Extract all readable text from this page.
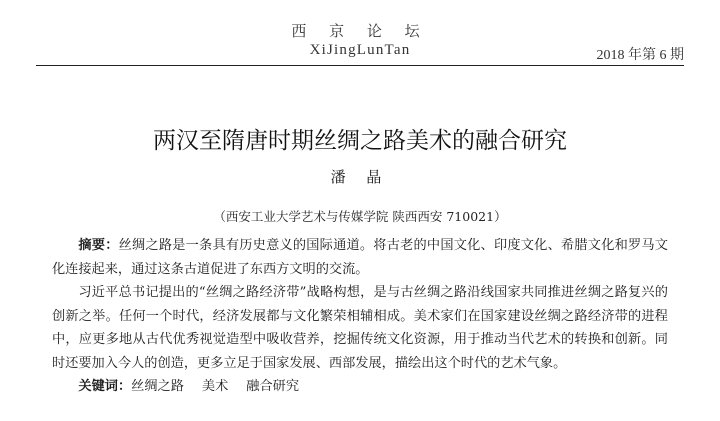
西 京 论 坛
XiJingLunTan	2018 年第 6 期
两汉至隋唐时期丝绸之路美术的融合研究
潘 晶
（西安工业大学艺术与传媒学院 陕西西安 710021）

摘要：丝绸之路是一条具有历史意义的国际通道。将古老的中国文化、印度文化、希腊文化和罗马文化连接起来，通过这条古道促进了东西方文明的交流。

习近平总书记提出的“丝绸之路经济带”战略构想，是与古丝绸之路沿线国家共同推进丝绸之路复兴的创新之举。任何一个时代，经济发展都与文化繁荣相辅相成。美术家们在国家建设丝绸之路经济带的进程中，应更多地从古代优秀视觉造型中吸收营养，挖掘传统文化资源，用于推动当代艺术的转换和创新。同时还要加入今人的创造，更多立足于国家发展、西部发展，描绘出这个时代的艺术气象。

关键词：丝绸之路 美术 融合研究
